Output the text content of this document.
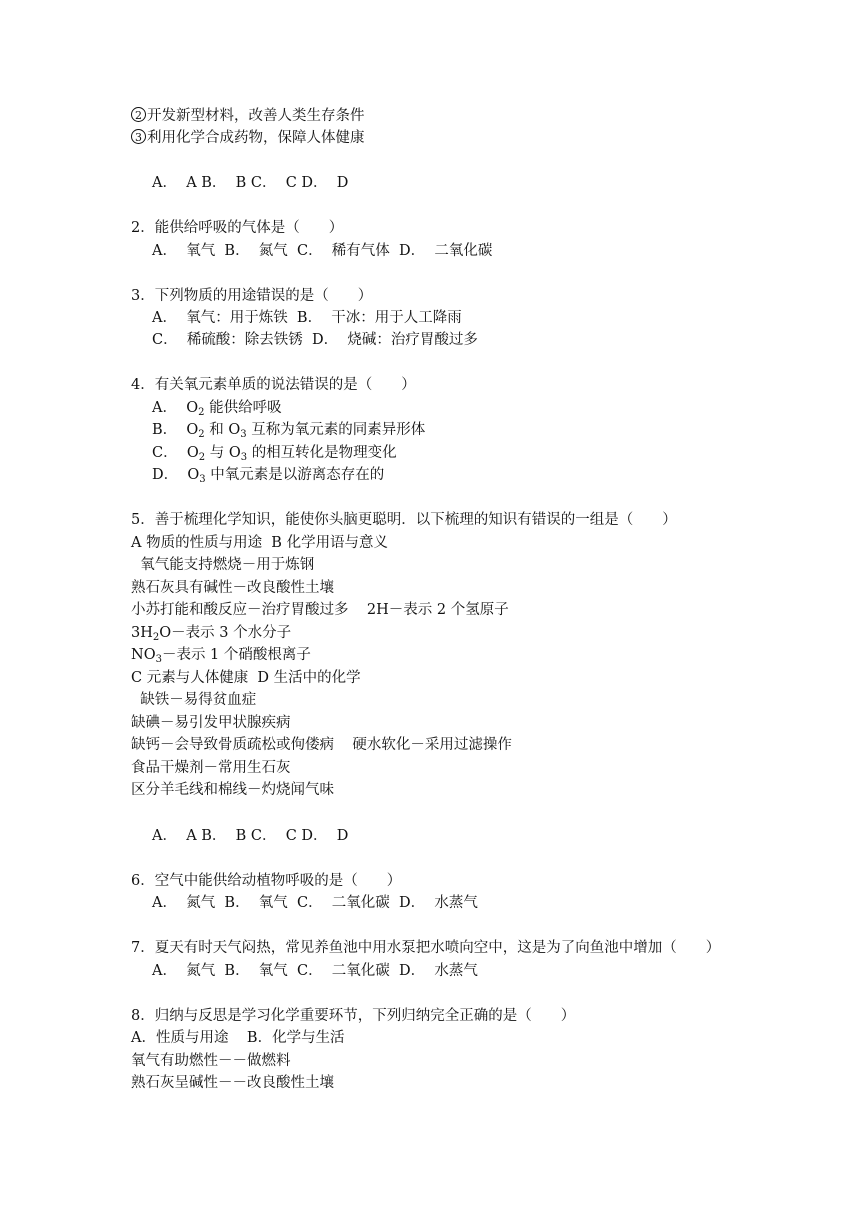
2 开发新型材料，改善人类生存条件
3 利用化学合成药物，保障人体健康
A．  A B．  B C．  C D．  D
2．能供给呼吸的气体是（　　）
A．  氧气  B．  氮气  C．  稀有气体  D．  二氧化碳
3．下列物质的用途错误的是（　　）
A．  氧气：用于炼铁  B．  干冰：用于人工降雨
C．  稀硫酸：除去铁锈  D．  烧碱：治疗胃酸过多
4．有关氧元素单质的说法错误的是（　　）
A． $O_2$ 能供给呼吸
B． $O_2$ 和 $O_3$ 互称为氧元素的同素异形体
C． $O_2$ 与 $O_3$ 的相互转化是物理变化
D． $O_3$ 中氧元素是以游离态存在的
5．善于梳理化学知识，能使你头脑更聪明．以下梳理的知识有错误的一组是（　　）
A 物质的性质与用途  B 化学用语与意义
氧气能支持燃烧－用于炼钢
熟石灰具有碱性－改良酸性土壤
小苏打能和酸反应－治疗胃酸过多    2H－表示 2 个氢原子
$3H_2O-$表示 3 个水分子
$NO_3-$表示 1 个硝酸根离子
C 元素与人体健康  D 生活中的化学
缺铁－易得贫血症
缺碘－易引发甲状腺疾病
缺钙－会导致骨质疏松或佝偻病    硬水软化－采用过滤操作
食品干燥剂－常用生石灰
区分羊毛线和棉线－灼烧闻气味
A．  A B．  B C．  C D．  D
6．空气中能供给动植物呼吸的是（　　）
A．  氮气  B．  氧气  C．  二氧化碳  D．  水蒸气
7．夏天有时天气闷热，常见养鱼池中用水泵把水喷向空中，这是为了向鱼池中增加（　　）
A．  氮气  B．  氧气  C．  二氧化碳  D．  水蒸气
8．归纳与反思是学习化学重要环节，下列归纳完全正确的是（　　）
A．性质与用途    B．化学与生活
氧气有助燃性－－做燃料
熟石灰呈碱性－－改良酸性土壤
